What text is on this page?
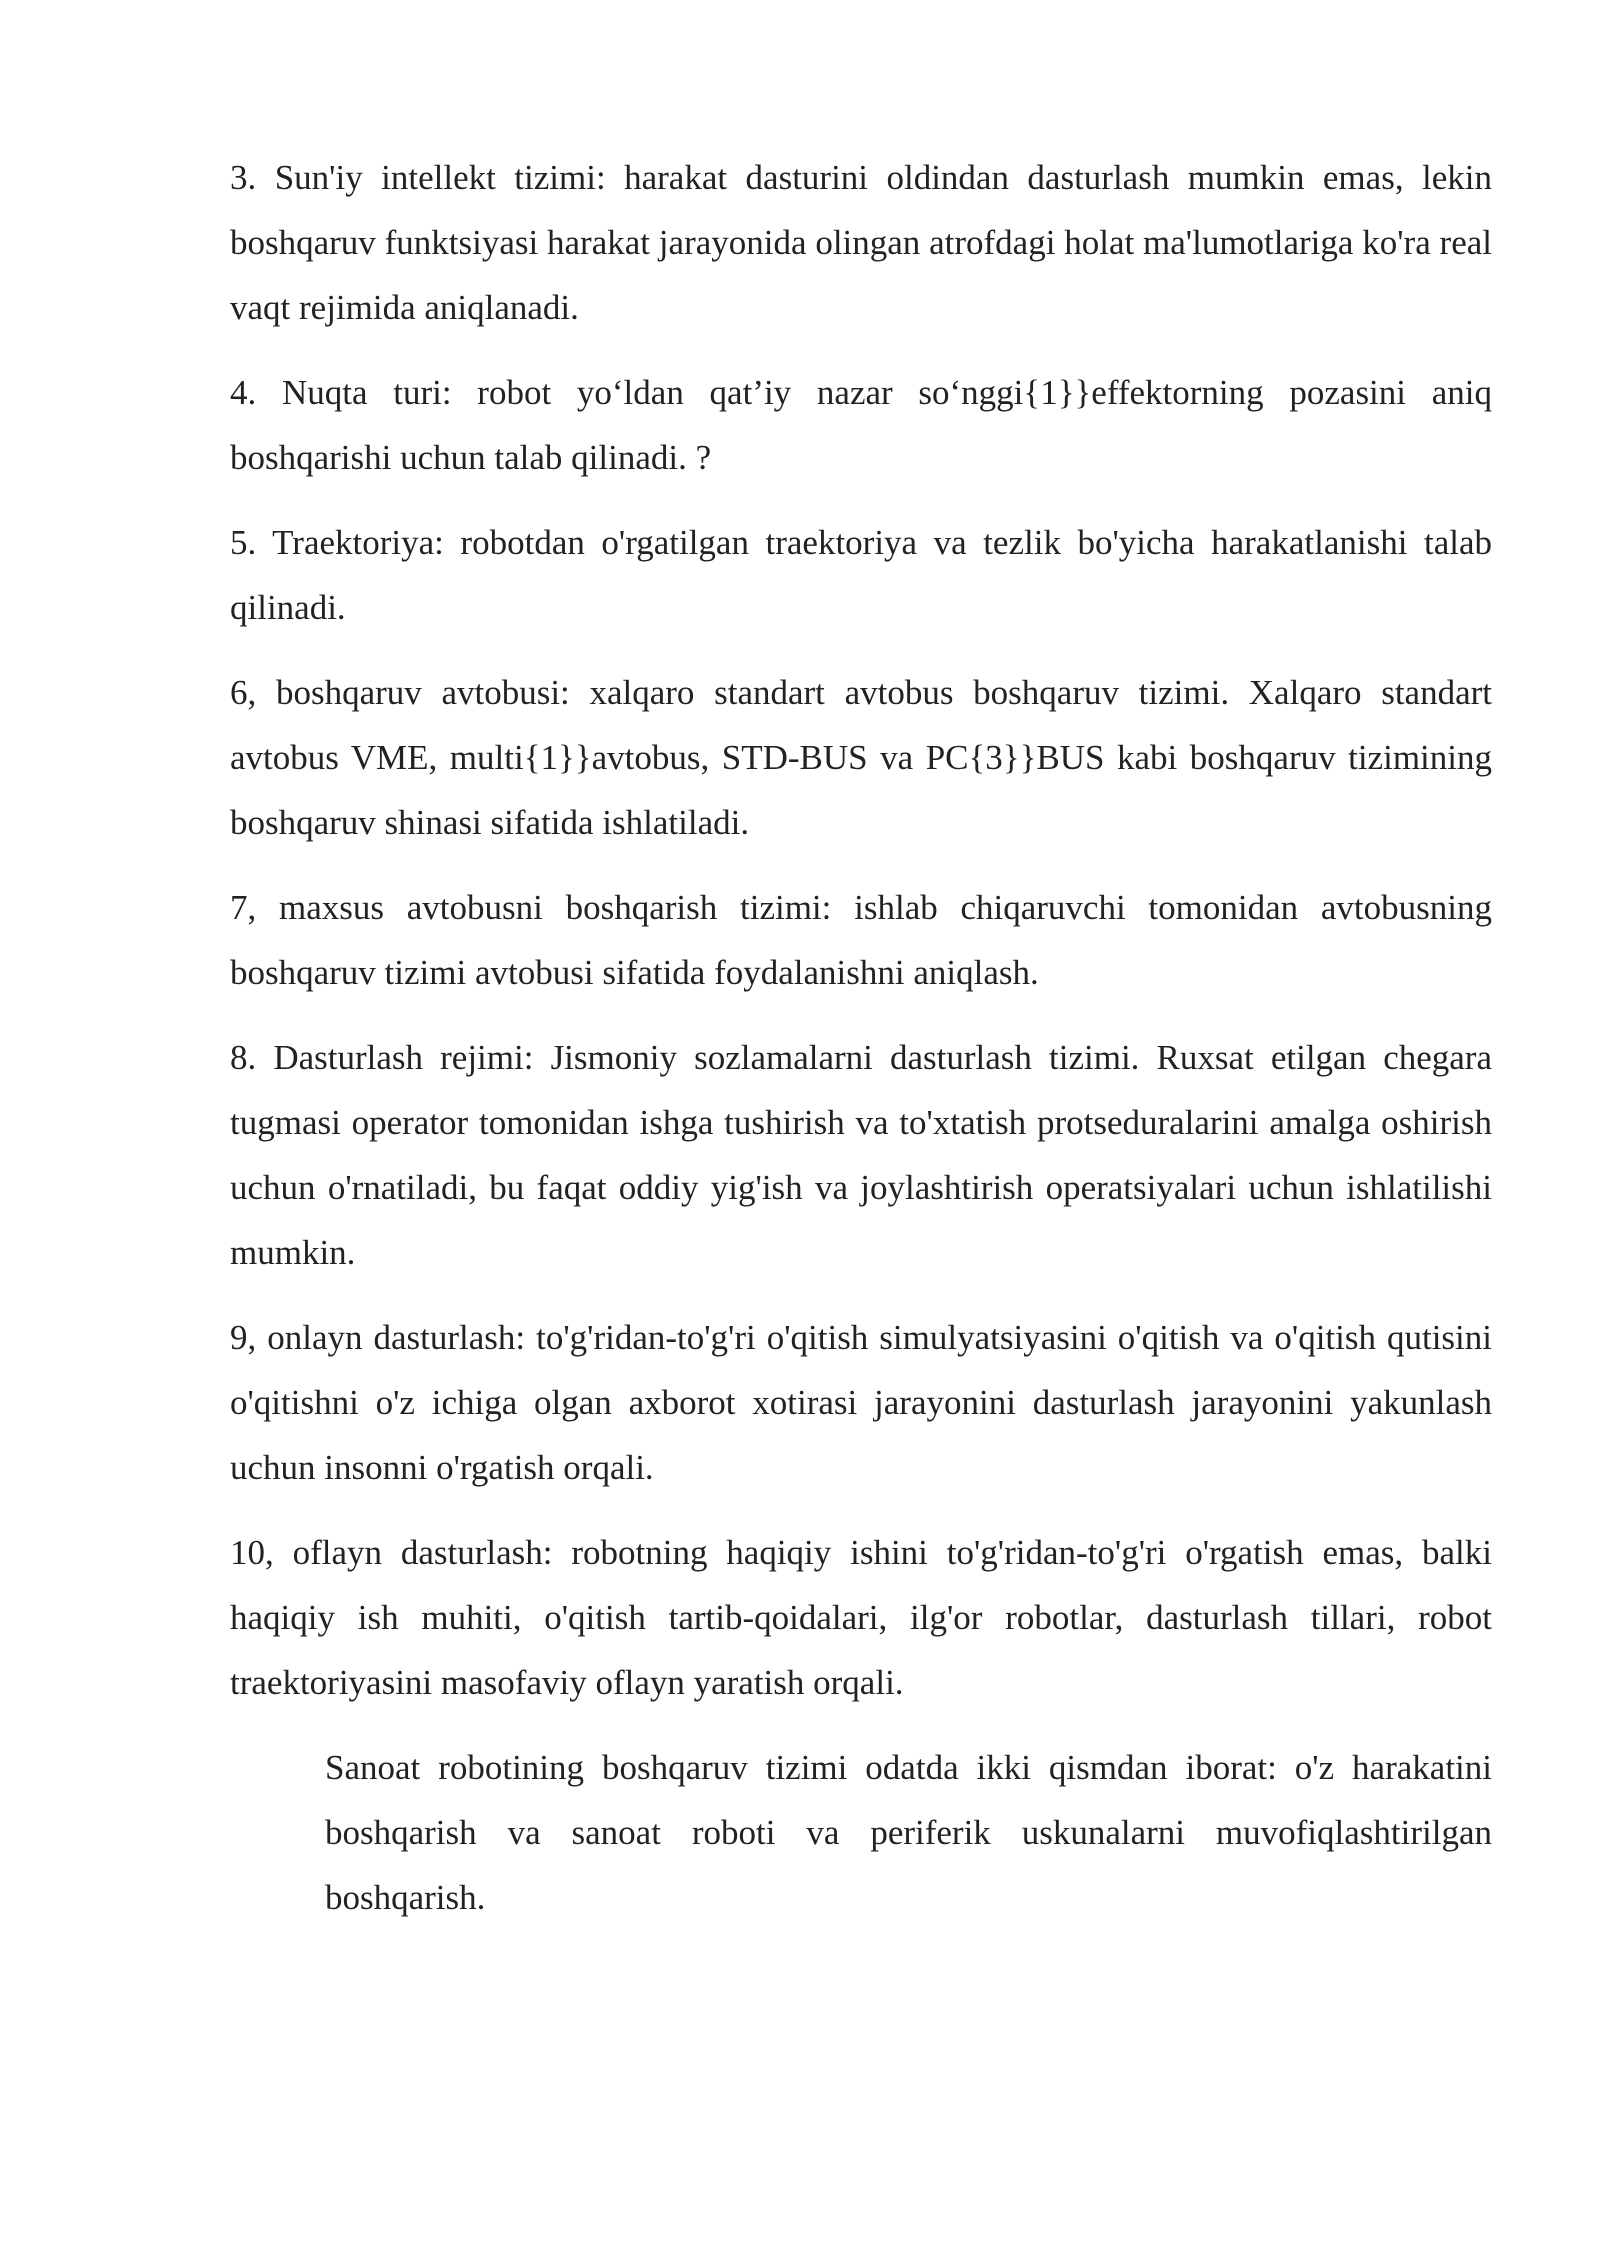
3. Sun'iy intellekt tizimi: harakat dasturini oldindan dasturlash mumkin emas, lekin boshqaruv funktsiyasi harakat jarayonida olingan atrofdagi holat ma'lumotlariga ko'ra real vaqt rejimida aniqlanadi.

4. Nuqta turi: robot yo‘ldan qat’iy nazar so‘nggi{1}}effektorning pozasini aniq boshqarishi uchun talab qilinadi. ?

5. Traektoriya: robotdan o'rgatilgan traektoriya va tezlik bo'yicha harakatlanishi talab qilinadi.

6, boshqaruv avtobusi: xalqaro standart avtobus boshqaruv tizimi. Xalqaro standart avtobus VME, multi{1}}avtobus, STD-BUS va PC{3}}BUS kabi boshqaruv tizimining boshqaruv shinasi sifatida ishlatiladi.

7, maxsus avtobusni boshqarish tizimi: ishlab chiqaruvchi tomonidan avtobusning boshqaruv tizimi avtobusi sifatida foydalanishni aniqlash.

8. Dasturlash rejimi: Jismoniy sozlamalarni dasturlash tizimi. Ruxsat etilgan chegara tugmasi operator tomonidan ishga tushirish va to'xtatish protseduralarini amalga oshirish uchun o'rnatiladi, bu faqat oddiy yig'ish va joylashtirish operatsiyalari uchun ishlatilishi mumkin.

9, onlayn dasturlash: to'g'ridan-to'g'ri o'qitish simulyatsiyasini o'qitish va o'qitish qutisini o'qitishni o'z ichiga olgan axborot xotirasi jarayonini dasturlash jarayonini yakunlash uchun insonni o'rgatish orqali.

10, oflayn dasturlash: robotning haqiqiy ishini to'g'ridan-to'g'ri o'rgatish emas, balki haqiqiy ish muhiti, o'qitish tartib-qoidalari, ilg'or robotlar, dasturlash tillari, robot traektoriyasini masofaviy oflayn yaratish orqali.

Sanoat robotining boshqaruv tizimi odatda ikki qismdan iborat: o'z harakatini boshqarish va sanoat roboti va periferik uskunalarni muvofiqlashtirilgan boshqarish.
